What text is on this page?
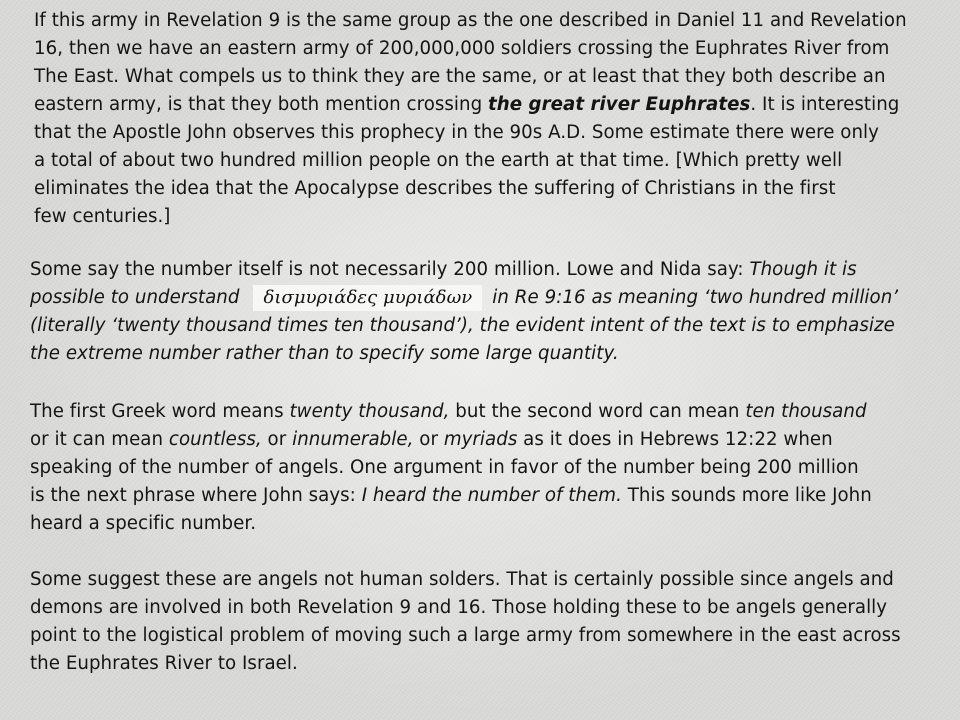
If this army in Revelation 9 is the same group as the one described in Daniel 11 and Revelation
16, then we have an eastern army of 200,000,000 soldiers crossing the Euphrates River from
The East. What compels us to think they are the same, or at least that they both describe an
eastern army, is that they both mention crossing the great river Euphrates. It is interesting
that the Apostle John observes this prophecy in the 90s A.D. Some estimate there were only
a total of about two hundred million people on the earth at that time. [Which pretty well
eliminates the idea that the Apocalypse describes the suffering of Christians in the first
few centuries.]
Some say the number itself is not necessarily 200 million. Lowe and Nida say: Though it is
possible to understand δισμυριάδες μυριάδων in Re 9:16 as meaning ‘two hundred million’
(literally ‘twenty thousand times ten thousand’), the evident intent of the text is to emphasize
the extreme number rather than to specify some large quantity.
The first Greek word means twenty thousand, but the second word can mean ten thousand
or it can mean countless, or innumerable, or myriads as it does in Hebrews 12:22 when
speaking of the number of angels. One argument in favor of the number being 200 million
is the next phrase where John says: I heard the number of them. This sounds more like John
heard a specific number.
Some suggest these are angels not human solders. That is certainly possible since angels and
demons are involved in both Revelation 9 and 16. Those holding these to be angels generally
point to the logistical problem of moving such a large army from somewhere in the east across
the Euphrates River to Israel.
